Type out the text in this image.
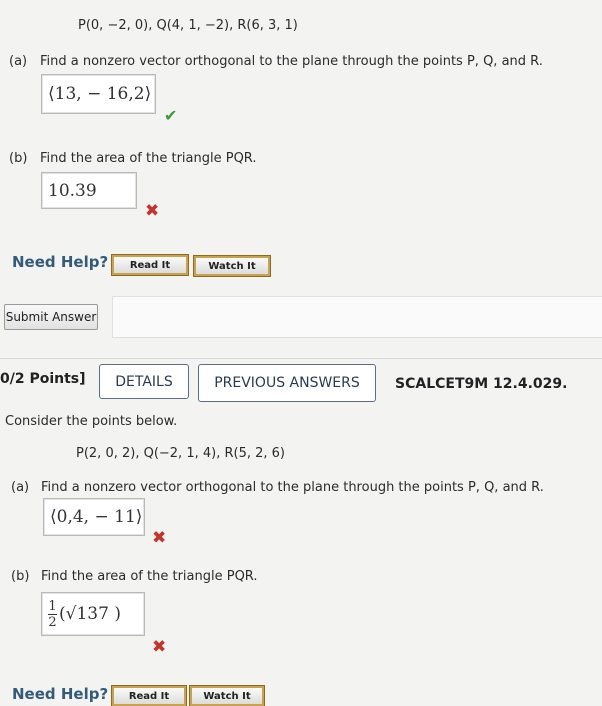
P(0, −2, 0), Q(4, 1, −2), R(6, 3, 1)
(a) Find a nonzero vector orthogonal to the plane through the points P, Q, and R.
⟨13, − 16,2⟩
✔
(b) Find the area of the triangle PQR.
10.39
✖
Need Help?	Read It	Watch It
Submit Answer
0/2 Points]	DETAILS	PREVIOUS ANSWERS	SCALCET9M 12.4.029.
Consider the points below.
P(2, 0, 2), Q(−2, 1, 4), R(5, 2, 6)
(a) Find a nonzero vector orthogonal to the plane through the points P, Q, and R.
⟨0,4, − 11⟩
✖
(b) Find the area of the triangle PQR.
$\frac{1}{2} (√137$ )
✖
Need Help?	Read It	Watch It
